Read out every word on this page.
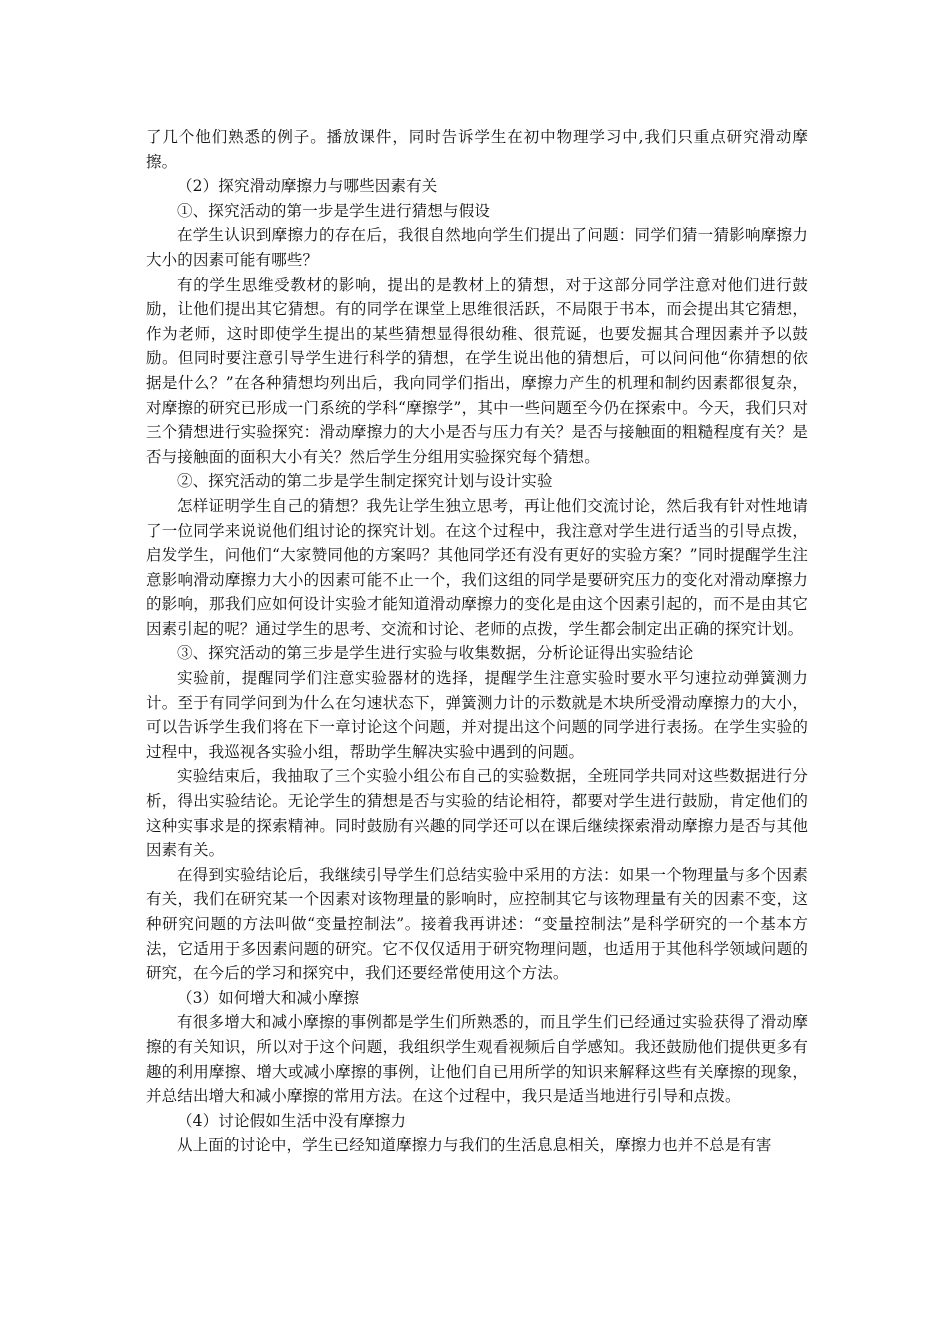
了几个他们熟悉的例子。播放课件，同时告诉学生在初中物理学习中,我们只重点研究滑动摩擦。

（2）探究滑动摩擦力与哪些因素有关

①、探究活动的第一步是学生进行猜想与假设

在学生认识到摩擦力的存在后，我很自然地向学生们提出了问题：同学们猜一猜影响摩擦力大小的因素可能有哪些？

有的学生思维受教材的影响，提出的是教材上的猜想，对于这部分同学注意对他们进行鼓励，让他们提出其它猜想。有的同学在课堂上思维很活跃，不局限于书本，而会提出其它猜想，作为老师，这时即使学生提出的某些猜想显得很幼稚、很荒诞，也要发掘其合理因素并予以鼓励。但同时要注意引导学生进行科学的猜想，在学生说出他的猜想后，可以问问他“你猜想的依据是什么？”在各种猜想均列出后，我向同学们指出，摩擦力产生的机理和制约因素都很复杂，对摩擦的研究已形成一门系统的学科“摩擦学”，其中一些问题至今仍在探索中。今天，我们只对三个猜想进行实验探究：滑动摩擦力的大小是否与压力有关？是否与接触面的粗糙程度有关？是否与接触面的面积大小有关？然后学生分组用实验探究每个猜想。

②、探究活动的第二步是学生制定探究计划与设计实验

怎样证明学生自己的猜想？我先让学生独立思考，再让他们交流讨论，然后我有针对性地请了一位同学来说说他们组讨论的探究计划。在这个过程中，我注意对学生进行适当的引导点拨，启发学生，问他们“大家赞同他的方案吗？其他同学还有没有更好的实验方案？”同时提醒学生注意影响滑动摩擦力大小的因素可能不止一个，我们这组的同学是要研究压力的变化对滑动摩擦力的影响，那我们应如何设计实验才能知道滑动摩擦力的变化是由这个因素引起的，而不是由其它因素引起的呢？通过学生的思考、交流和讨论、老师的点拨，学生都会制定出正确的探究计划。

③、探究活动的第三步是学生进行实验与收集数据，分析论证得出实验结论

实验前，提醒同学们注意实验器材的选择，提醒学生注意实验时要水平匀速拉动弹簧测力计。至于有同学问到为什么在匀速状态下，弹簧测力计的示数就是木块所受滑动摩擦力的大小，可以告诉学生我们将在下一章讨论这个问题，并对提出这个问题的同学进行表扬。在学生实验的过程中，我巡视各实验小组，帮助学生解决实验中遇到的问题。

实验结束后，我抽取了三个实验小组公布自己的实验数据，全班同学共同对这些数据进行分析，得出实验结论。无论学生的猜想是否与实验的结论相符，都要对学生进行鼓励，肯定他们的这种实事求是的探索精神。同时鼓励有兴趣的同学还可以在课后继续探索滑动摩擦力是否与其他因素有关。

在得到实验结论后，我继续引导学生们总结实验中采用的方法：如果一个物理量与多个因素有关，我们在研究某一个因素对该物理量的影响时，应控制其它与该物理量有关的因素不变，这种研究问题的方法叫做“变量控制法”。接着我再讲述：“变量控制法”是科学研究的一个基本方法，它适用于多因素问题的研究。它不仅仅适用于研究物理问题，也适用于其他科学领域问题的研究，在今后的学习和探究中，我们还要经常使用这个方法。

（3）如何增大和减小摩擦

有很多增大和减小摩擦的事例都是学生们所熟悉的，而且学生们已经通过实验获得了滑动摩擦的有关知识，所以对于这个问题，我组织学生观看视频后自学感知。我还鼓励他们提供更多有趣的利用摩擦、增大或减小摩擦的事例，让他们自已用所学的知识来解释这些有关摩擦的现象，并总结出增大和减小摩擦的常用方法。在这个过程中，我只是适当地进行引导和点拨。

（4）讨论假如生活中没有摩擦力

从上面的讨论中，学生已经知道摩擦力与我们的生活息息相关，摩擦力也并不总是有害
